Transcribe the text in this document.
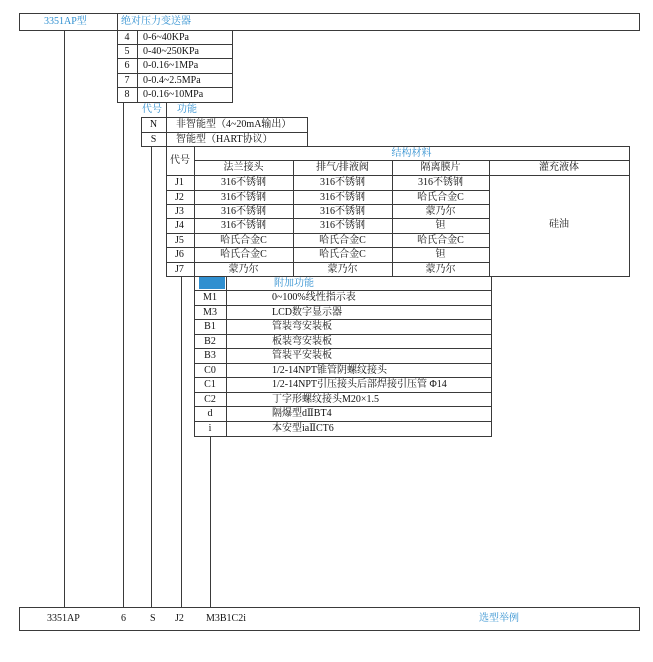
3351AP型	绝对压力变送器
4	0-6~40KPa
5	0-40~250KPa
6	0-0.16~1MPa
7	0-0.4~2.5MPa
8	0-0.16~10MPa
代号 功能
N	非智能型（4~20mA输出）
S	智能型（HART协议）
代号
结构材料
法兰接头	排气/排液阀	隔离膜片	灌充液体
硅油
J1	316不锈钢	316不锈钢	316不锈钢
J2	316不锈钢	316不锈钢	哈氏合金C
J3	316不锈钢	316不锈钢	蒙乃尔
J4	316不锈钢	316不锈钢	钽
J5	哈氏合金C	哈氏合金C	哈氏合金C
J6	哈氏合金C	哈氏合金C	钽
J7	蒙乃尔	蒙乃尔	蒙乃尔
附加功能
M1	0~100%线性指示表
M3	LCD数字显示器
B1	管装弯安装板
B2	板装弯安装板
B3	管装平安装板
C0	1/2-14NPT锥管阴螺纹接头
C1	1/2-14NPT引压接头后部焊接引压管 Φ14
C2	丁字形螺纹接头M20×1.5
d	隔爆型dⅡBT4
i	本安型iaⅡCT6
3351AP	6 S J2 M3B1C2i	选型举例
